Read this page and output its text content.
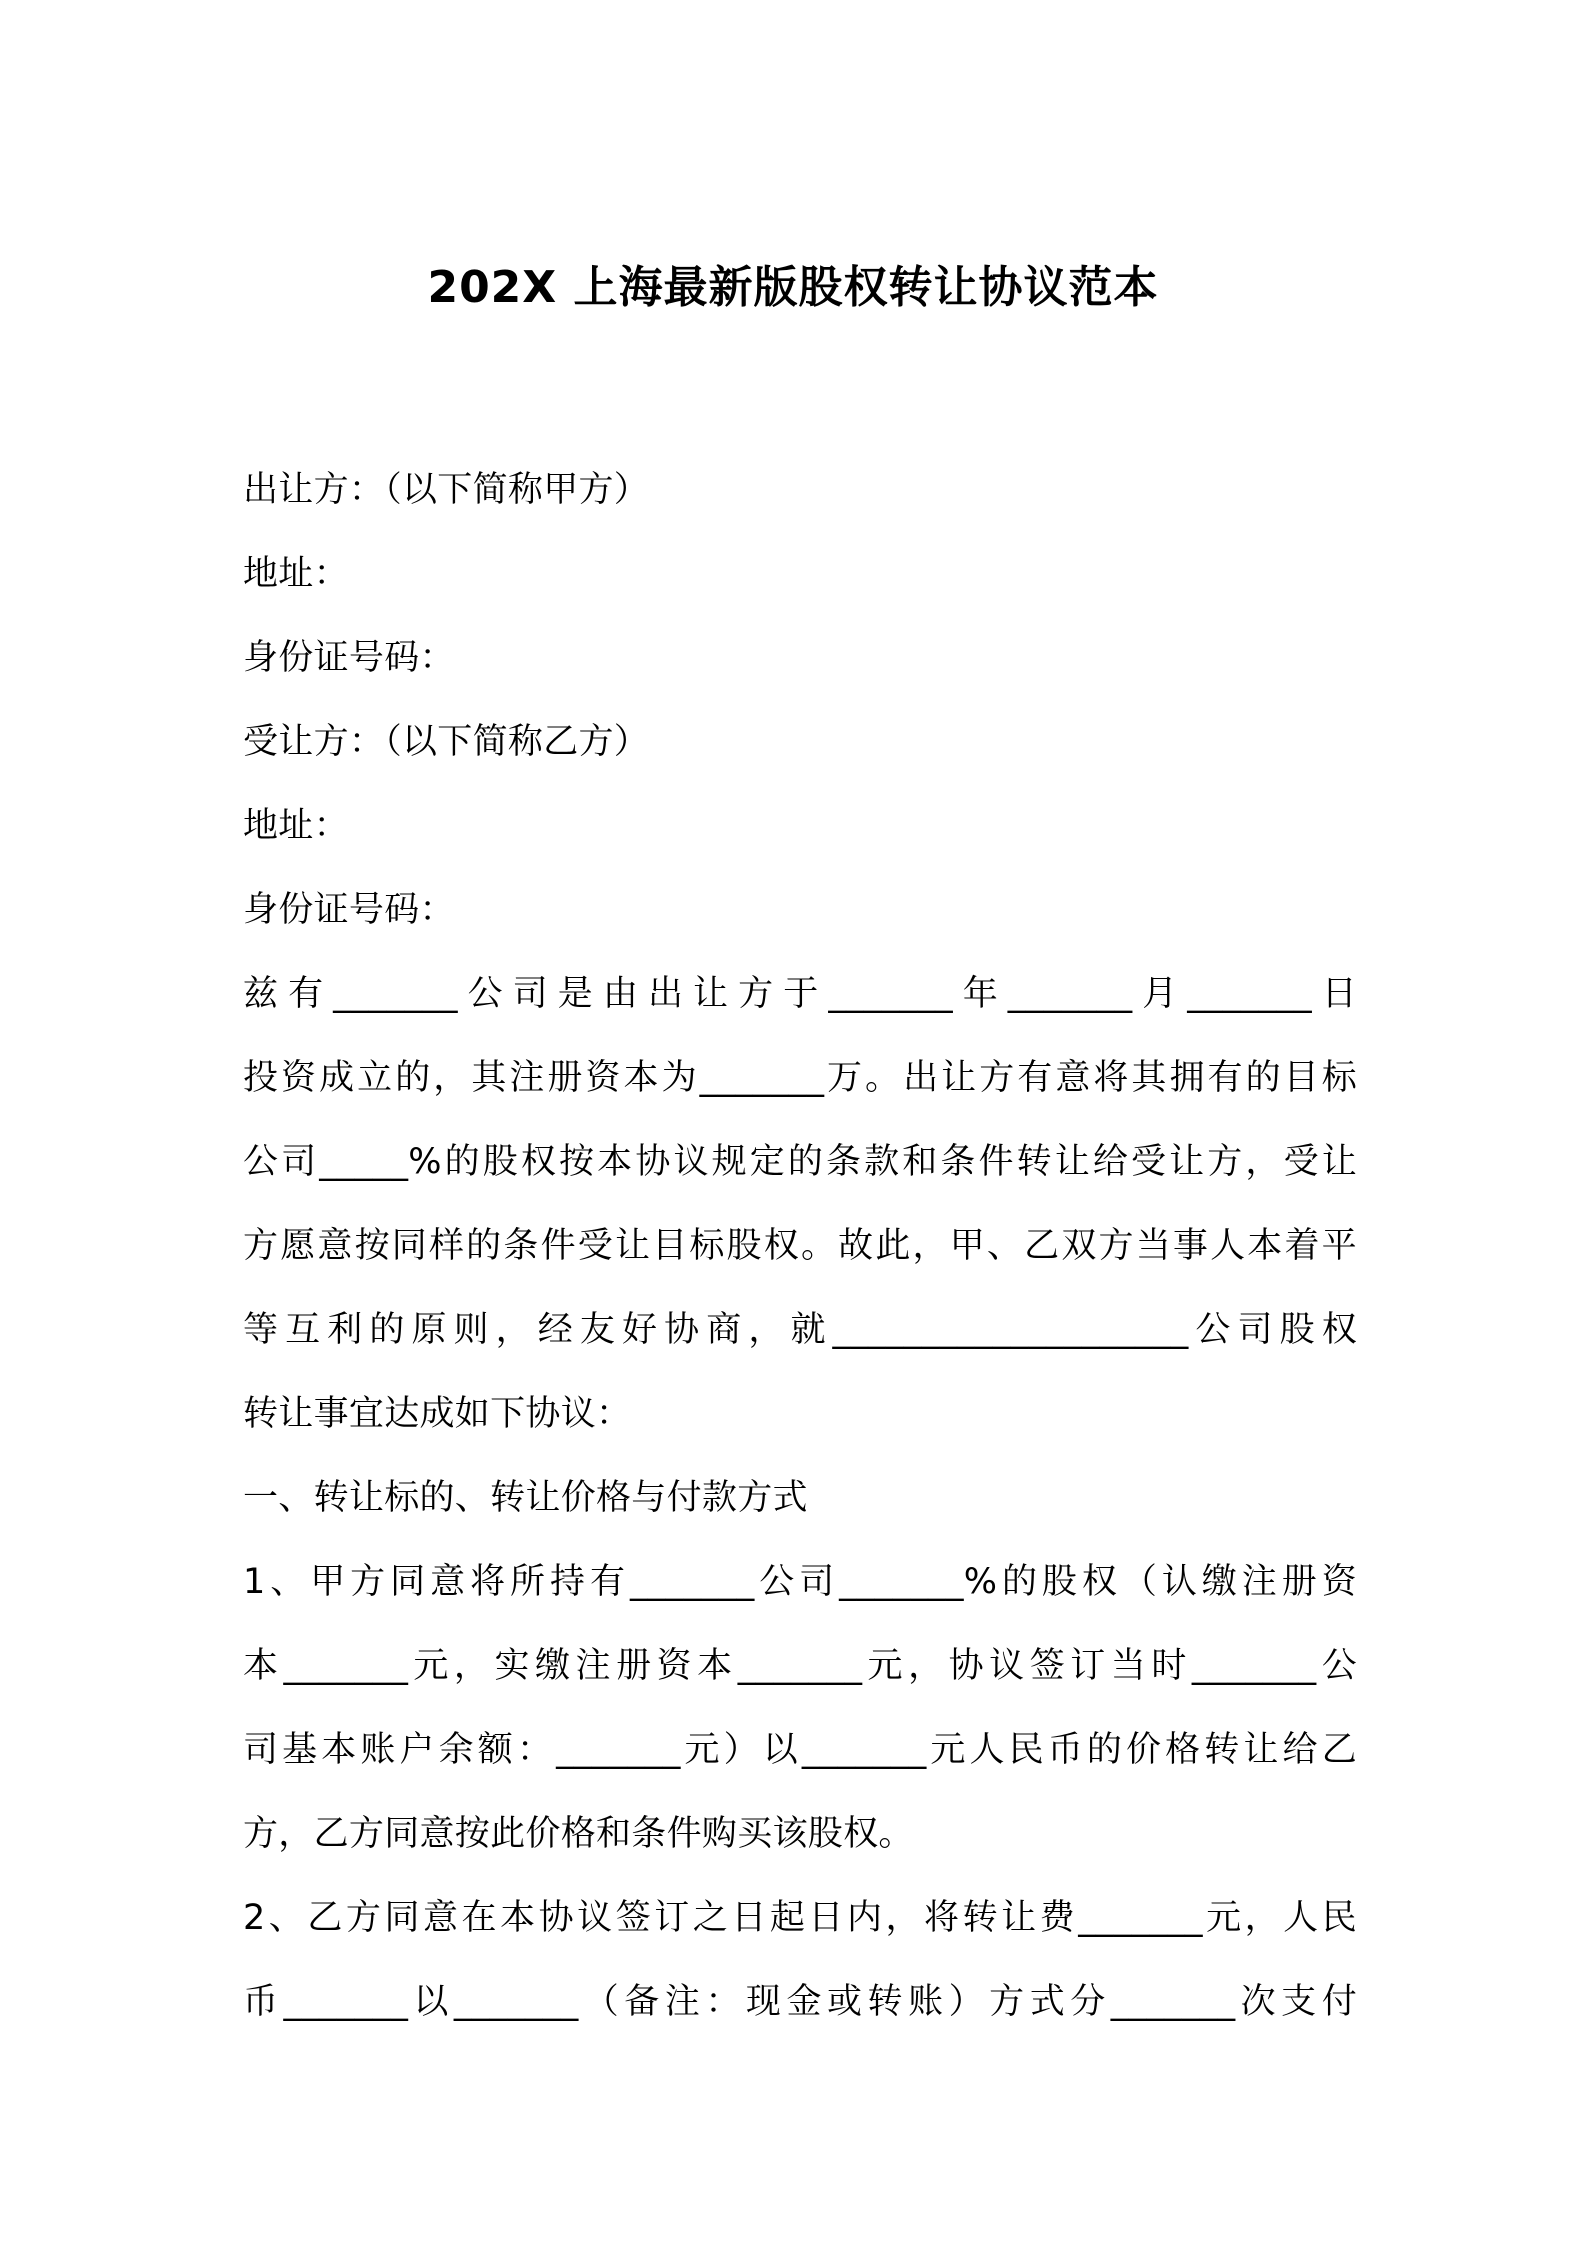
202X 上海最新版股权转让协议范本
出让方：（以下简称甲方）
地址：
身份证号码：
受让方：（以下简称乙方）
地址：
身份证号码：
兹有_______公司是由出让方于_______年_______月_______日
投资成立的，其注册资本为_______万。出让方有意将其拥有的目标
公司_____%的股权按本协议规定的条款和条件转让给受让方，受让
方愿意按同样的条件受让目标股权。故此，甲、乙双方当事人本着平
等互利的原则，经友好协商，就____________________公司股权
转让事宜达成如下协议：
一、转让标的、转让价格与付款方式
1、甲方同意将所持有_______公司_______%的股权（认缴注册资
本_______元，实缴注册资本_______元，协议签订当时_______公
司基本账户余额：_______元）以_______元人民币的价格转让给乙
方，乙方同意按此价格和条件购买该股权。
2、乙方同意在本协议签订之日起日内，将转让费_______元，人民
币_______以_______（备注：现金或转账）方式分_______次支付
